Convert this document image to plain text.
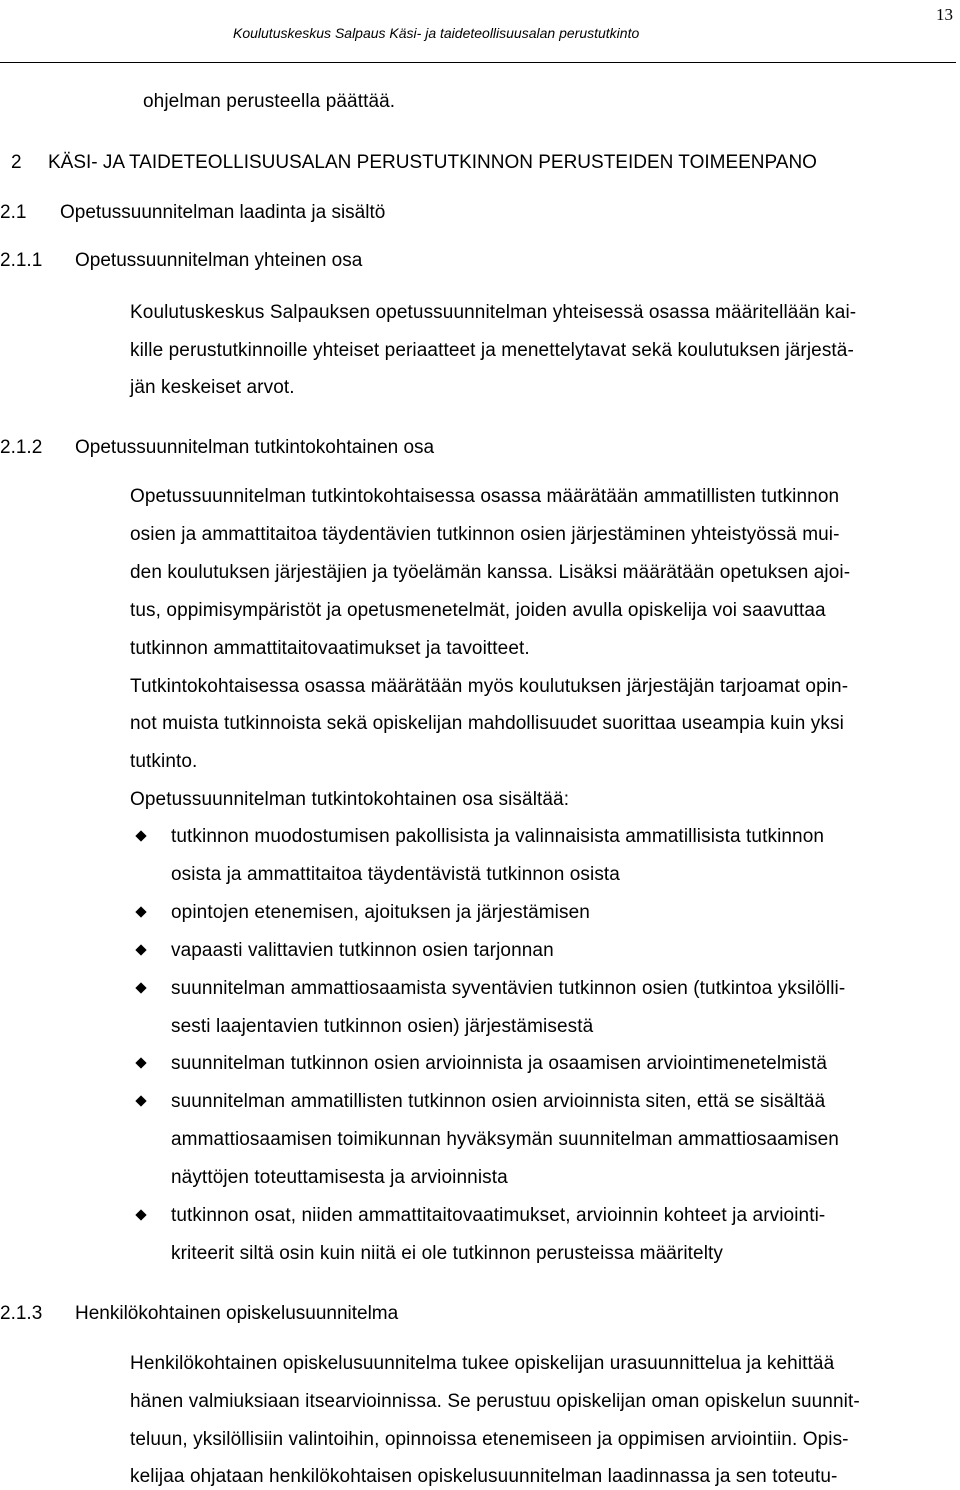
Koulutuskeskus Salpaus Käsi- ja taideteollisuusalan perustutkinto
13
ohjelman perusteella päättää.
2 KÄSI- JA TAIDETEOLLISUUSALAN PERUSTUTKINNON PERUSTEIDEN TOIMEENPANO
2.1 Opetussuunnitelman laadinta ja sisältö
2.1.1 Opetussuunnitelman yhteinen osa
Koulutuskeskus Salpauksen opetussuunnitelman yhteisessä osassa määritellään kai-
kille perustutkinnoille yhteiset periaatteet ja menettelytavat sekä koulutuksen järjestä-
jän keskeiset arvot.
2.1.2 Opetussuunnitelman tutkintokohtainen osa
Opetussuunnitelman tutkintokohtaisessa osassa määrätään ammatillisten tutkinnon
osien ja ammattitaitoa täydentävien tutkinnon osien järjestäminen yhteistyössä mui-
den koulutuksen järjestäjien ja työelämän kanssa. Lisäksi määrätään opetuksen ajoi-
tus, oppimisympäristöt ja opetusmenetelmät, joiden avulla opiskelija voi saavuttaa
tutkinnon ammattitaitovaatimukset ja tavoitteet.
Tutkintokohtaisessa osassa määrätään myös koulutuksen järjestäjän tarjoamat opin-
not muista tutkinnoista sekä opiskelijan mahdollisuudet suorittaa useampia kuin yksi
tutkinto.
Opetussuunnitelman tutkintokohtainen osa sisältää:
tutkinnon muodostumisen pakollisista ja valinnaisista ammatillisista tutkinnon
osista ja ammattitaitoa täydentävistä tutkinnon osista
opintojen etenemisen, ajoituksen ja järjestämisen
vapaasti valittavien tutkinnon osien tarjonnan
suunnitelman ammattiosaamista syventävien tutkinnon osien (tutkintoa yksilölli-
sesti laajentavien tutkinnon osien) järjestämisestä
suunnitelman tutkinnon osien arvioinnista ja osaamisen arviointimenetelmistä
suunnitelman ammatillisten tutkinnon osien arvioinnista siten, että se sisältää
ammattiosaamisen toimikunnan hyväksymän suunnitelman ammattiosaamisen
näyttöjen toteuttamisesta ja arvioinnista
tutkinnon osat, niiden ammattitaitovaatimukset, arvioinnin kohteet ja arviointi-
kriteerit siltä osin kuin niitä ei ole tutkinnon perusteissa määritelty
2.1.3 Henkilökohtainen opiskelusuunnitelma
Henkilökohtainen opiskelusuunnitelma tukee opiskelijan urasuunnittelua ja kehittää
hänen valmiuksiaan itsearvioinnissa. Se perustuu opiskelijan oman opiskelun suunnit-
teluun, yksilöllisiin valintoihin, opinnoissa etenemiseen ja oppimisen arviointiin. Opis-
kelijaa ohjataan henkilökohtaisen opiskelusuunnitelman laadinnassa ja sen toteutu-
